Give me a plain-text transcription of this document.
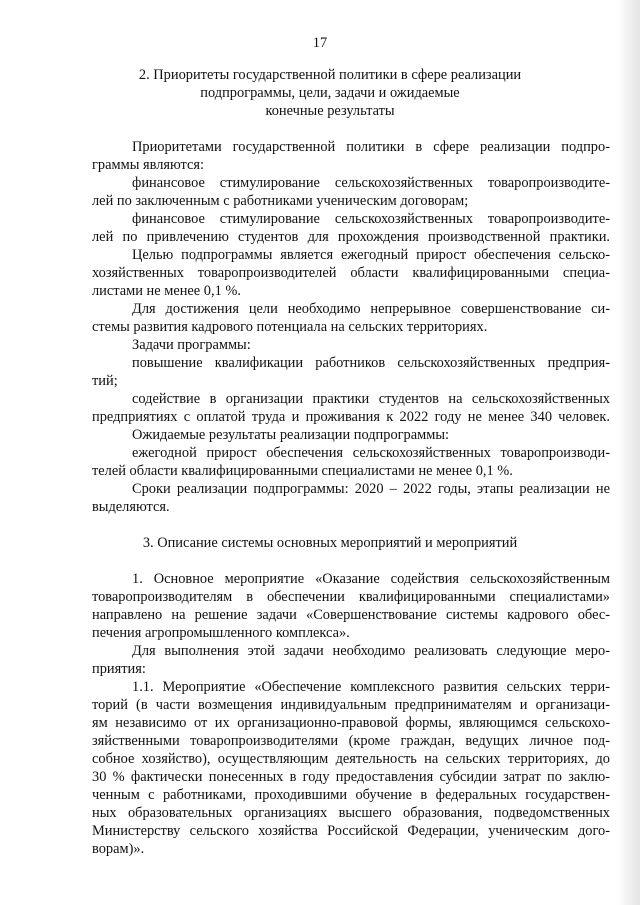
17
2. Приоритеты государственной политики в сфере реализации
подпрограммы, цели, задачи и ожидаемые
конечные результаты
Приоритетами государственной политики в сфере реализации подпро-
граммы являются:
финансовое стимулирование сельскохозяйственных товаропроизводите-
лей по заключенным с работниками ученическим договорам;
финансовое стимулирование сельскохозяйственных товаропроизводите-
лей по привлечению студентов для прохождения производственной практики.
Целью подпрограммы является ежегодный прирост обеспечения сельско-
хозяйственных товаропроизводителей области квалифицированными специа-
листами не менее 0,1 %.
Для достижения цели необходимо непрерывное совершенствование си-
стемы развития кадрового потенциала на сельских территориях.
Задачи программы:
повышение квалификации работников сельскохозяйственных предприя-
тий;
содействие в организации практики студентов на сельскохозяйственных
предприятиях с оплатой труда и проживания к 2022 году не менее 340 человек.
Ожидаемые результаты реализации подпрограммы:
ежегодной прирост обеспечения сельскохозяйственных товаропроизводи-
телей области квалифицированными специалистами не менее 0,1 %.
Сроки реализации подпрограммы: 2020 – 2022 годы, этапы реализации не
выделяются.
3. Описание системы основных мероприятий и мероприятий
1. Основное мероприятие «Оказание содействия сельскохозяйственным
товаропроизводителям в обеспечении квалифицированными специалистами»
направлено на решение задачи «Совершенствование системы кадрового обес-
печения агропромышленного комплекса».
Для выполнения этой задачи необходимо реализовать следующие меро-
приятия:
1.1. Мероприятие «Обеспечение комплексного развития сельских терри-
торий (в части возмещения индивидуальным предпринимателям и организаци-
ям независимо от их организационно-правовой формы, являющимся сельскохо-
зяйственными товаропроизводителями (кроме граждан, ведущих личное под-
собное хозяйство), осуществляющим деятельность на сельских территориях, до
30 % фактически понесенных в году предоставления субсидии затрат по заклю-
ченным с работниками, проходившими обучение в федеральных государствен-
ных образовательных организациях высшего образования, подведомственных
Министерству сельского хозяйства Российской Федерации, ученическим дого-
ворам)».
